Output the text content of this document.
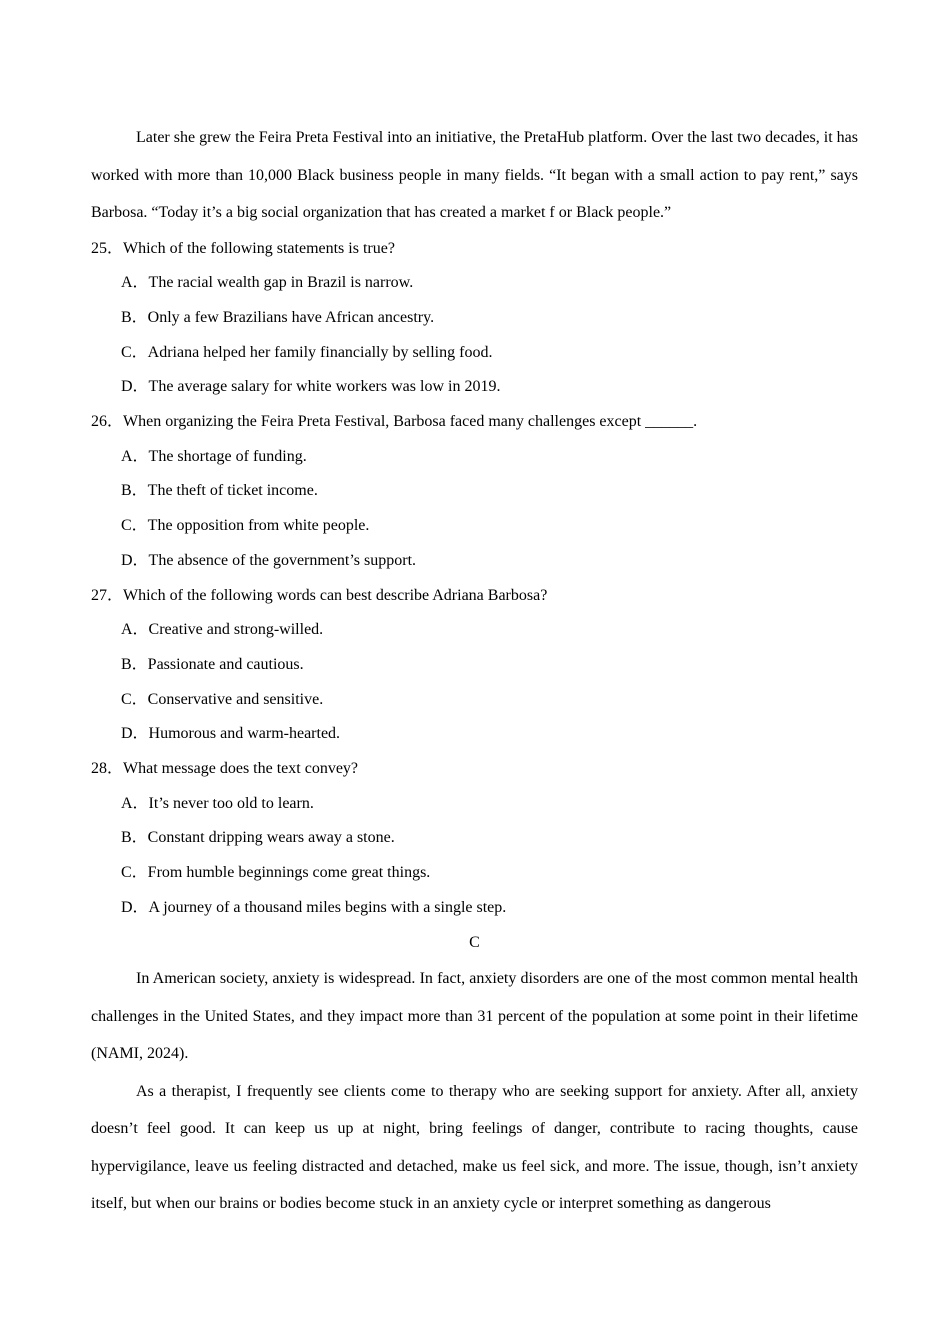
Later she grew the Feira Preta Festival into an initiative, the PretaHub platform. Over the last two decades, it has worked with more than 10,000 Black business people in many fields. “It began with a small action to pay rent,” says Barbosa. “Today it’s a big social organization that has created a market f or Black people.”

25．Which of the following statements is true?

A．The racial wealth gap in Brazil is narrow.

B．Only a few Brazilians have African ancestry.

C．Adriana helped her family financially by selling food.

D．The average salary for white workers was low in 2019.

26．When organizing the Feira Preta Festival, Barbosa faced many challenges except ______.

A．The shortage of funding.

B．The theft of ticket income.

C．The opposition from white people.

D．The absence of the government’s support.

27．Which of the following words can best describe Adriana Barbosa?

A．Creative and strong-willed.

B．Passionate and cautious.

C．Conservative and sensitive.

D．Humorous and warm-hearted.

28．What message does the text convey?

A．It’s never too old to learn.

B．Constant dripping wears away a stone.

C．From humble beginnings come great things.

D．A journey of a thousand miles begins with a single step.

C

In American society, anxiety is widespread. In fact, anxiety disorders are one of the most common mental health challenges in the United States, and they impact more than 31 percent of the population at some point in their lifetime (NAMI, 2024).

As a therapist, I frequently see clients come to therapy who are seeking support for anxiety. After all, anxiety doesn’t feel good. It can keep us up at night, bring feelings of danger, contribute to racing thoughts, cause hypervigilance, leave us feeling distracted and detached, make us feel sick, and more. The issue, though, isn’t anxiety itself, but when our brains or bodies become stuck in an anxiety cycle or interpret something as dangerous
